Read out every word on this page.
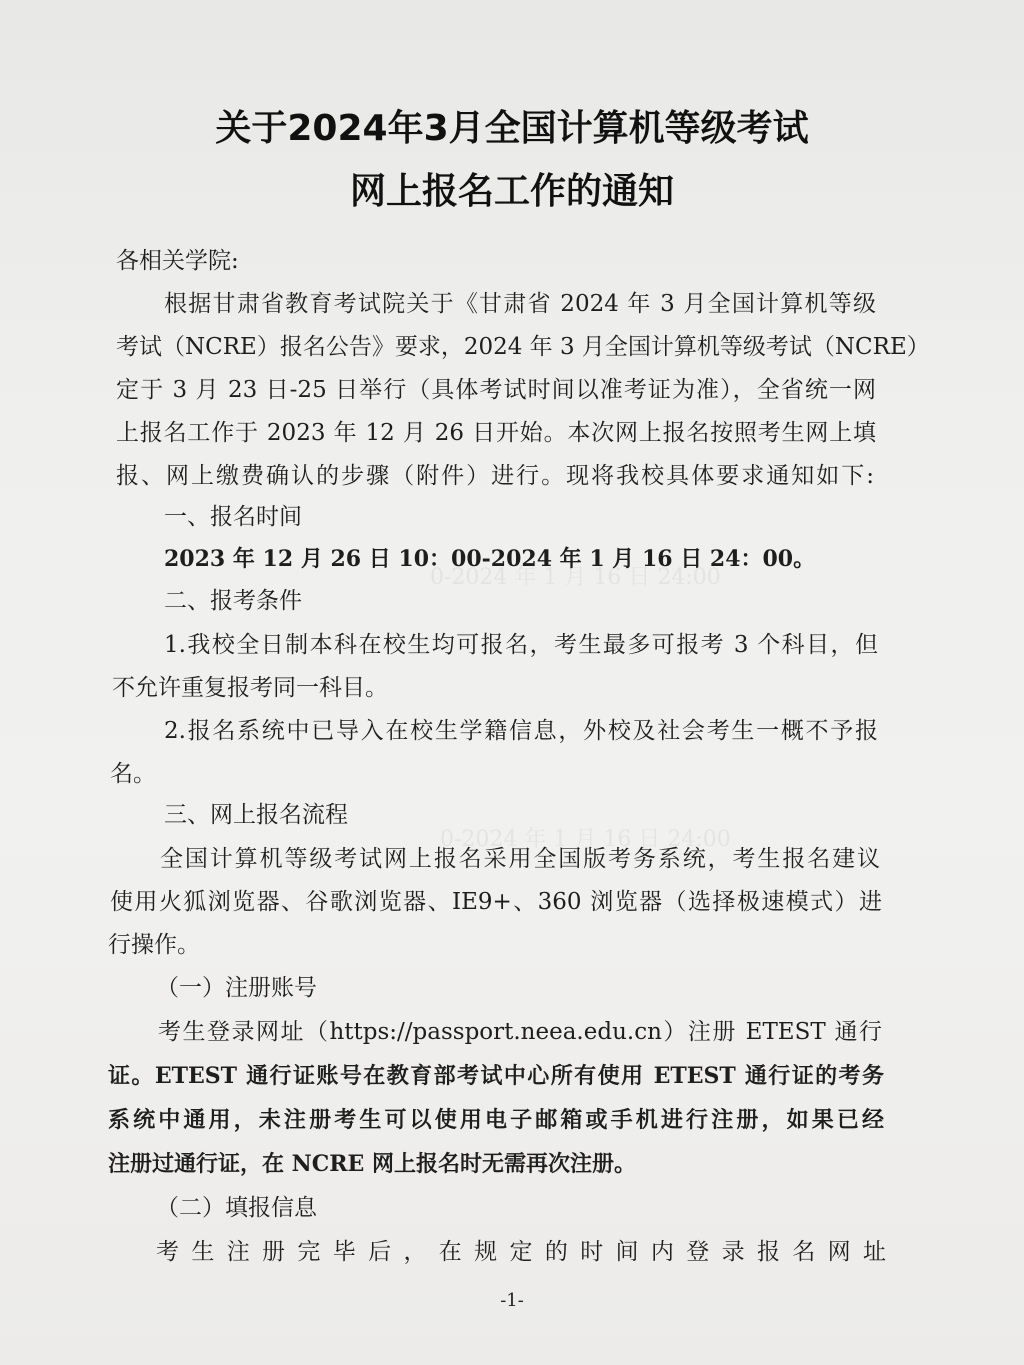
0-2024 年 1 月 16 日 24:00
0-2024 年 1 月 16 日 24:00
关于2024年3月全国计算机等级考试
网上报名工作的通知
各相关学院:
根据甘肃省教育考试院关于《甘肃省 2024 年 3 月全国计算机等级
考试（NCRE）报名公告》要求，2024 年 3 月全国计算机等级考试（NCRE）
定于 3 月 23 日-25 日举行（具体考试时间以准考证为准），全省统一网
上报名工作于 2023 年 12 月 26 日开始。本次网上报名按照考生网上填
报、网上缴费确认的步骤（附件）进行。现将我校具体要求通知如下:
一、报名时间
2023 年 12 月 26 日 10：00-2024 年 1 月 16 日 24：00。
二、报考条件
1.我校全日制本科在校生均可报名，考生最多可报考 3 个科目，但
不允许重复报考同一科目。
2.报名系统中已导入在校生学籍信息，外校及社会考生一概不予报
名。
三、网上报名流程
全国计算机等级考试网上报名采用全国版考务系统，考生报名建议
使用火狐浏览器、谷歌浏览器、IE9+、360 浏览器（选择极速模式）进
行操作。
（一）注册账号
考生登录网址（https://passport.neea.edu.cn）注册 ETEST 通行
证。ETEST 通行证账号在教育部考试中心所有使用 ETEST 通行证的考务
系统中通用，未注册考生可以使用电子邮箱或手机进行注册，如果已经
注册过通行证，在 NCRE 网上报名时无需再次注册。
（二）填报信息
考生注册完毕后，在规定的时间内登录报名网址
-1-
